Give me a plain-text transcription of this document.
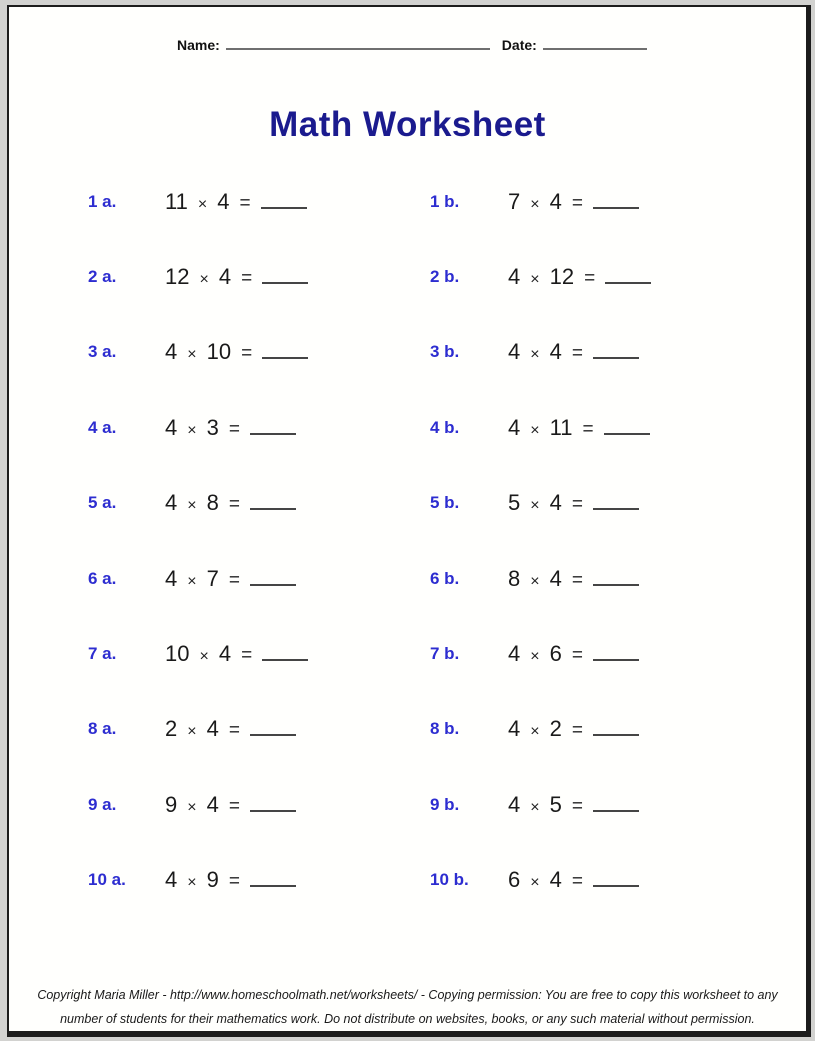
Name:	Date:
Math Worksheet
1 a.	11 × 4 =	1 b.	7 × 4 =
2 a.	12 × 4 =	2 b.	4 × 12 =
3 a.	4 × 10 =	3 b.	4 × 4 =
4 a.	4 × 3 =	4 b.	4 × 11 =
5 a.	4 × 8 =	5 b.	5 × 4 =
6 a.	4 × 7 =	6 b.	8 × 4 =
7 a.	10 × 4 =	7 b.	4 × 6 =
8 a.	2 × 4 =	8 b.	4 × 2 =
9 a.	9 × 4 =	9 b.	4 × 5 =
10 a.	4 × 9 =	10 b.	6 × 4 =
Copyright Maria Miller - http://www.homeschoolmath.net/worksheets/ - Copying permission: You are free to copy this worksheet to any
number of students for their mathematics work. Do not distribute on websites, books, or any such material without permission.
